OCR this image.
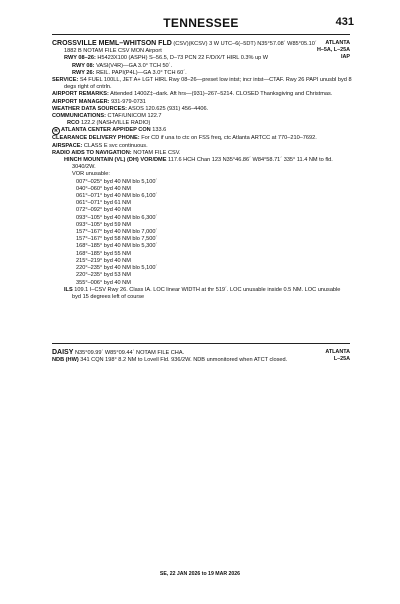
TENNESSEE	431
ATLANTA
H–5A, L–25A
IAP
CROSSVILLE MEML–WHITSON FLD (CSV)(KCSV) 3 W UTC–6(–5DT) N35°57.08´ W85°05.10´
1882 B NOTAM FILE CSV MON Airport
RWY 08–26: H5423X100 (ASPH) S–56.5, D–73 PCN 22 F/D/X/T HIRL 0.3% up W
RWY 08: VASI(V4R)—GA 3.0° TCH 50´.
RWY 26: REIL. PAPI(P4L)—GA 3.0° TCH 60´.
SERVICE: S4 FUEL 100LL, JET A+ LGT HIRL Rwy 08–26—preset low intst; incr intst—CTAF. Rwy 26 PAPI unusbl byd 8
degs right of cntrln.
AIRPORT REMARKS: Attended 1400Z‡–dark. Aft hrs—(931)–267–5214. CLOSED Thanksgiving and Christmas.
AIRPORT MANAGER: 931-979-0731
WEATHER DATA SOURCES: ASOS 120.625 (931) 456–4406.
COMMUNICATIONS: CTAF/UNICOM 122.7
RCO 122.2 (NASHVILLE RADIO)
R ATLANTA CENTER APP/DEP CON 133.6
CLEARANCE DELIVERY PHONE: For CD if una to ctc on FSS freq, ctc Atlanta ARTCC at 770–210–7692.
AIRSPACE: CLASS E svc continuous.
RADIO AIDS TO NAVIGATION: NOTAM FILE CSV.
HINCH MOUNTAIN (VL) (DH) VOR/DME 117.6 HCH Chan 123 N35°46.86´ W84°58.71´ 335° 11.4 NM to fld.
3040/2W.
VOR unusable:
007°–025° byd 40 NM blo 5,100´
040°–060° byd 40 NM
061°–071° byd 40 NM blo 6,100´
061°–071° byd 61 NM
072°–092° byd 40 NM
093°–105° byd 40 NM blo 6,300´
093°–105° byd 59 NM
157°–167° byd 40 NM blo 7,000´
157°–167° byd 58 NM blo 7,500´
168°–185° byd 40 NM blo 5,300´
168°–185° byd 55 NM
215°–219° byd 40 NM
220°–235° byd 40 NM blo 5,100´
220°–235° byd 53 NM
355°–006° byd 40 NM
ILS 109.1 I–CSV Rwy 26. Class IA. LOC linear WIDTH at thr 519´. LOC unusable inside 0.5 NM. LOC unusable
byd 15 degrees left of course
ATLANTA
L–25A
DAISY N35°09.99´ W85°09.44´ NOTAM FILE CHA.
NDB (HW) 341 CQN 198° 8.2 NM to Lovell Fld. 936/2W. NDB unmonitored when ATCT closed.
SE, 22 JAN 2026 to 19 MAR 2026
